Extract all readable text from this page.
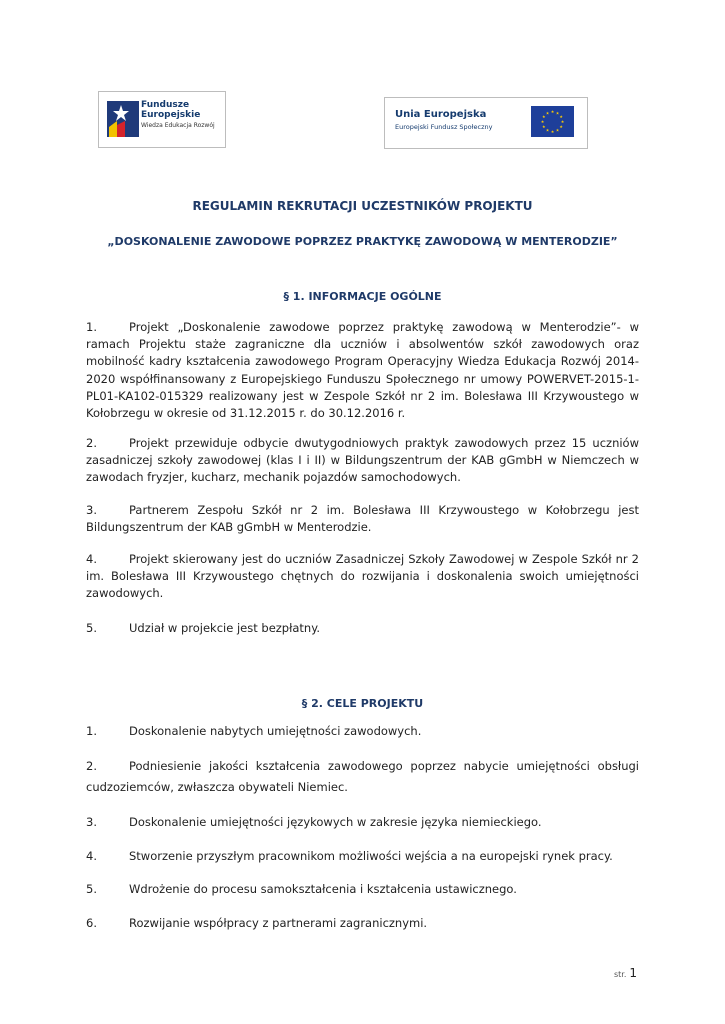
Fundusze
Europejskie
Wiedza Edukacja Rozwój
Unia Europejska
Europejski Fundusz Społeczny
★ ★
★
★
★
★
★
★
★
★
★
★
REGULAMIN REKRUTACJI UCZESTNIKÓW PROJEKTU
„DOSKONALENIE ZAWODOWE POPRZEZ PRAKTYKĘ ZAWODOWĄ W MENTERODZIE”
§ 1. INFORMACJE OGÓLNE
1.	Projekt „Doskonalenie zawodowe poprzez praktykę zawodową w Menterodzie”- w ramach Projektu staże zagraniczne dla uczniów i absolwentów szkół zawodowych oraz mobilność kadry kształcenia zawodowego Program Operacyjny Wiedza Edukacja Rozwój 2014-2020 współfinansowany z Europejskiego Funduszu Społecznego nr umowy POWERVET-2015-1-PL01-KA102-015329 realizowany jest w Zespole Szkół nr 2 im. Bolesława III Krzywoustego w Kołobrzegu w okresie od 31.12.2015 r. do 30.12.2016 r.
2.	Projekt przewiduje odbycie dwutygodniowych praktyk zawodowych przez 15 uczniów zasadniczej szkoły zawodowej (klas I i II) w Bildungszentrum der KAB gGmbH w Niemczech w zawodach fryzjer, kucharz, mechanik pojazdów samochodowych.
3.	Partnerem Zespołu Szkół nr 2 im. Bolesława III Krzywoustego w Kołobrzegu jest Bildungszentrum der KAB gGmbH w Menterodzie.
4.	Projekt skierowany jest do uczniów Zasadniczej Szkoły Zawodowej w Zespole Szkół nr 2 im. Bolesława III Krzywoustego chętnych do rozwijania i doskonalenia swoich umiejętności zawodowych.
5.	Udział w projekcie jest bezpłatny.
§ 2. CELE PROJEKTU
1.	Doskonalenie nabytych umiejętności zawodowych.
2.	Podniesienie jakości kształcenia zawodowego poprzez nabycie umiejętności obsługi cudzoziemców, zwłaszcza obywateli Niemiec.
3.	Doskonalenie umiejętności językowych w zakresie języka niemieckiego.
4.	Stworzenie przyszłym pracownikom możliwości wejścia a na europejski rynek pracy.
5.	Wdrożenie do procesu samokształcenia i kształcenia ustawicznego.
6.	Rozwijanie współpracy z partnerami zagranicznymi.
str. 1
